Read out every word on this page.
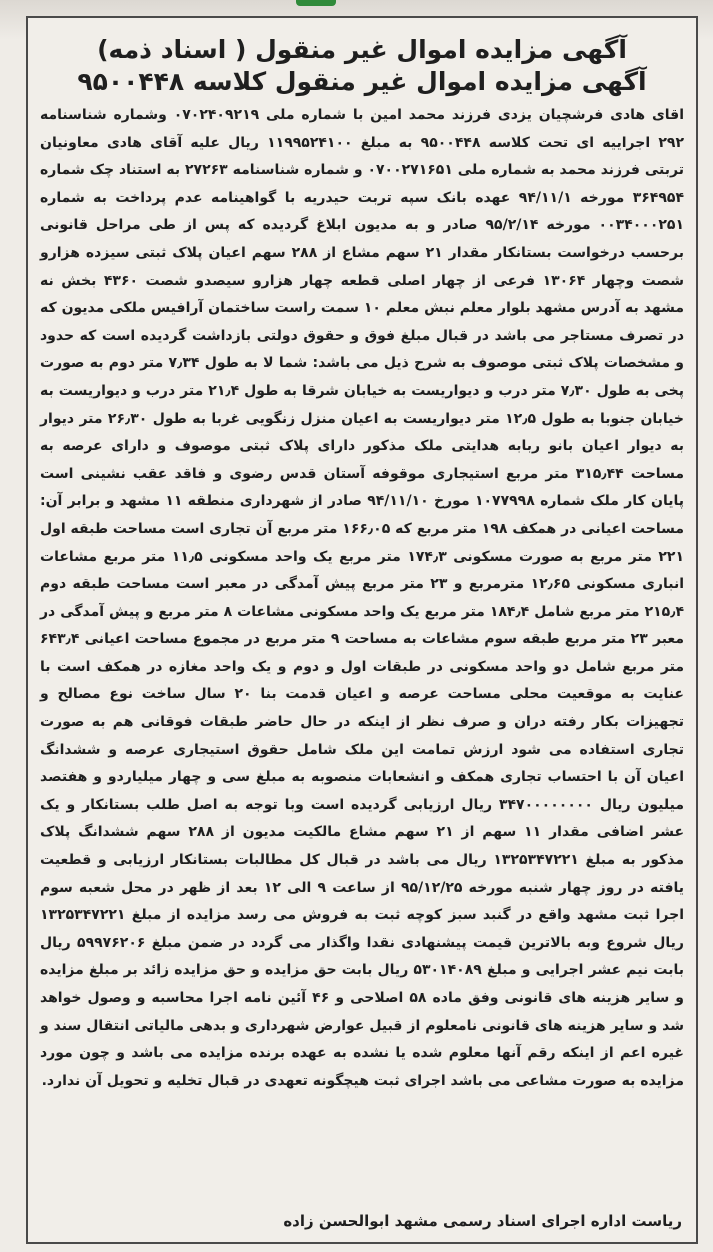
آگهی مزایده اموال غیر منقول ( اسناد ذمه)
آگهی مزایده اموال غیر منقول کلاسه ۹۵۰۰۴۴۸
اقای هادی فرشچیان یزدی فرزند محمد امین با شماره ملی ۰۷۰۲۴۰۹۲۱۹ وشماره شناسنامه ۲۹۲ اجراییه ای تحت کلاسه ۹۵۰۰۴۴۸ به مبلغ ۱۱۹۹۵۲۴۱۰۰ ریال علیه آقای هادی معاونیان تربتی فرزند محمد به شماره ملی ۰۷۰۰۲۷۱۶۵۱ و شماره شناسنامه ۲۷۲۶۳ به استناد چک شماره ۳۶۴۹۵۴ مورخه ۹۴/۱۱/۱ عهده بانک سپه تربت حیدریه با گواهینامه عدم پرداخت به شماره ۰۰۳۴۰۰۰۲۵۱ مورخه ۹۵/۲/۱۴ صادر و به مدیون ابلاغ گردیده که پس از طی مراحل قانونی برحسب درخواست بستانکار مقدار ۲۱ سهم مشاع از ۲۸۸ سهم اعیان پلاک ثبتی سیزده هزارو شصت وچهار ۱۳۰۶۴ فرعی از چهار اصلی قطعه چهار هزارو سیصدو شصت ۴۳۶۰ بخش نه مشهد به آدرس مشهد بلوار معلم نبش معلم ۱۰ سمت راست ساختمان آرافیس ملکی مدیون که در تصرف مستاجر می باشد در قبال مبلغ فوق و حقوق دولتی بازداشت گردیده است که حدود و مشخصات پلاک ثبتی موصوف به شرح ذیل می باشد: شما لا به طول ۷٫۳۴ متر دوم به صورت پخی به طول ۷٫۳۰ متر درب و دیواریست به خیابان شرقا به طول ۲۱٫۴ متر درب و دیواریست به خیابان جنوبا به طول ۱۲٫۵ متر دیواریست به اعیان منزل زنگویی غربا به طول ۲۶٫۳۰ متر دیوار به دیوار اعیان بانو ربابه هدایتی ملک مذکور دارای پلاک ثبتی موصوف و دارای عرصه به مساحت ۳۱۵٫۴۴ متر مربع استیجاری موقوفه آستان قدس رضوی و فاقد عقب نشینی است پایان کار ملک شماره ۱۰۷۷۹۹۸ مورخ ۹۴/۱۱/۱۰ صادر از شهرداری منطقه ۱۱ مشهد و برابر آن: مساحت اعیانی در همکف ۱۹۸ متر مربع که ۱۶۶٫۰۵ متر مربع آن تجاری است مساحت طبقه اول ۲۲۱ متر مربع به صورت مسکونی ۱۷۴٫۳ متر مربع یک واحد مسکونی ۱۱٫۵ متر مربع مشاعات انباری مسکونی ۱۲٫۶۵ مترمربع و ۲۳ متر مربع پیش آمدگی در معبر است مساحت طبقه دوم ۲۱۵٫۴ متر مربع شامل ۱۸۴٫۴ متر مربع یک واحد مسکونی مشاعات ۸ متر مربع و پیش آمدگی در معبر ۲۳ متر مربع طبقه سوم مشاعات به مساحت ۹ متر مربع در مجموع مساحت اعیانی ۶۴۳٫۴ متر مربع شامل دو واحد مسکونی در طبقات اول و دوم و یک واحد مغازه در همکف است با عنایت به موقعیت محلی مساحت عرصه و اعیان قدمت بنا ۲۰ سال ساخت نوع مصالح و تجهیزات بکار رفته دران و صرف نظر از اینکه در حال حاضر طبقات فوقانی هم به صورت تجاری استفاده می شود ارزش تمامت این ملک شامل حقوق استیجاری عرصه و ششدانگ اعیان آن با احتساب تجاری همکف و انشعابات منصوبه به مبلغ سی و چهار میلیاردو و هفتصد میلیون ریال ۳۴۷۰۰۰۰۰۰۰۰ ریال ارزیابی گردیده است وبا توجه به اصل طلب بستانکار و یک عشر اضافی مقدار ۱۱ سهم از ۲۱ سهم مشاع مالکیت مدیون از ۲۸۸ سهم ششدانگ پلاک مذکور به مبلغ ۱۳۲۵۳۴۷۲۲۱ ریال می باشد در قبال کل مطالبات بستانکار ارزیابی و قطعیت یافته در روز چهار شنبه مورخه ۹۵/۱۲/۲۵ از ساعت ۹ الی ۱۲ بعد از ظهر در محل شعبه سوم اجرا ثبت مشهد واقع در گنبد سبز کوچه ثبت به فروش می رسد مزایده از مبلغ ۱۳۲۵۳۴۷۲۲۱ ریال شروع وبه بالاترین قیمت پیشنهادی نقدا واگذار می گردد در ضمن مبلغ ۵۹۹۷۶۲۰۶ ریال بابت نیم عشر اجرایی و مبلغ ۵۳۰۱۴۰۸۹ ریال بابت حق مزایده و حق مزایده زائد بر مبلغ مزایده و سایر هزینه های قانونی وفق ماده ۵۸ اصلاحی و ۴۶ آئین نامه اجرا محاسبه و وصول خواهد شد و سایر هزینه های قانونی نامعلوم از قبیل عوارض شهرداری و بدهی مالیاتی انتقال سند و غیره اعم از اینکه رقم آنها معلوم شده یا نشده به عهده برنده مزایده می باشد و چون مورد مزایده به صورت مشاعی می باشد اجرای ثبت هیچگونه تعهدی در قبال تخلیه و تحویل آن ندارد.
ریاست اداره اجرای اسناد رسمی مشهد ابوالحسن زاده
